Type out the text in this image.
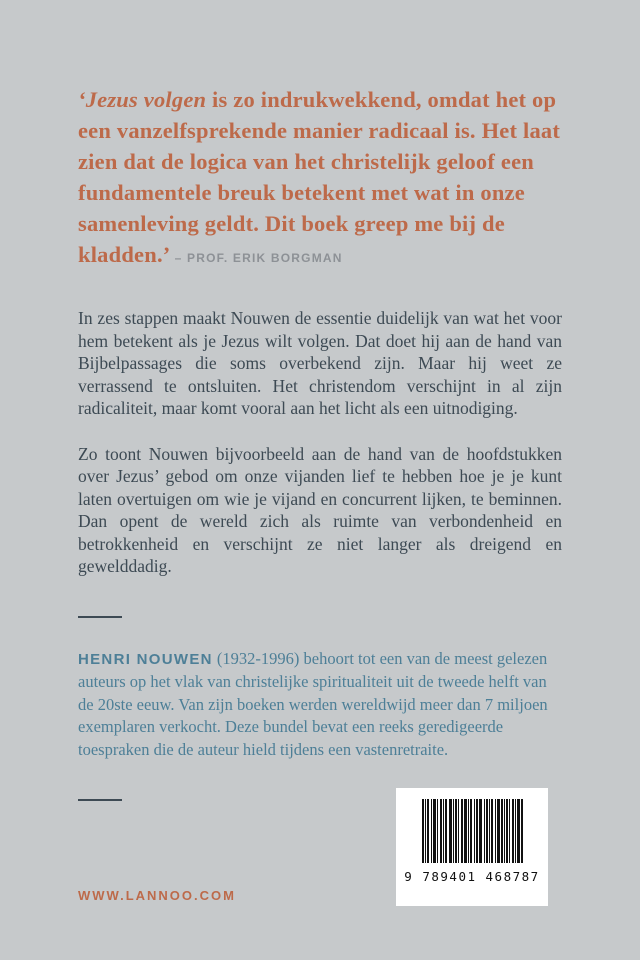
‘Jezus volgen is zo indrukwekkend, omdat het op een vanzelfsprekende manier radicaal is. Het laat zien dat de logica van het christelijk geloof een fundamentele breuk betekent met wat in onze samenleving geldt. Dit boek greep me bij de kladden.’ – PROF. ERIK BORGMAN

In zes stappen maakt Nouwen de essentie duidelijk van wat het voor hem betekent als je Jezus wilt volgen. Dat doet hij aan de hand van Bijbelpassages die soms overbekend zijn. Maar hij weet ze verrassend te ontsluiten. Het christendom verschijnt in al zijn radicaliteit, maar komt vooral aan het licht als een uitnodiging.

Zo toont Nouwen bijvoorbeeld aan de hand van de hoofdstukken over Jezus’ gebod om onze vijanden lief te hebben hoe je je kunt laten overtuigen om wie je vijand en concurrent lijken, te beminnen. Dan opent de wereld zich als ruimte van verbondenheid en betrokkenheid en verschijnt ze niet langer als dreigend en gewelddadig.

HENRI NOUWEN (1932-1996) behoort tot een van de meest gelezen auteurs op het vlak van christelijke spiritualiteit uit de tweede helft van de 20ste eeuw. Van zijn boeken werden wereldwijd meer dan 7 miljoen exemplaren verkocht. Deze bundel bevat een reeks geredigeerde toespraken die de auteur hield tijdens een vastenretraite.
WWW.LANNOO.COM
9 789401 468787
